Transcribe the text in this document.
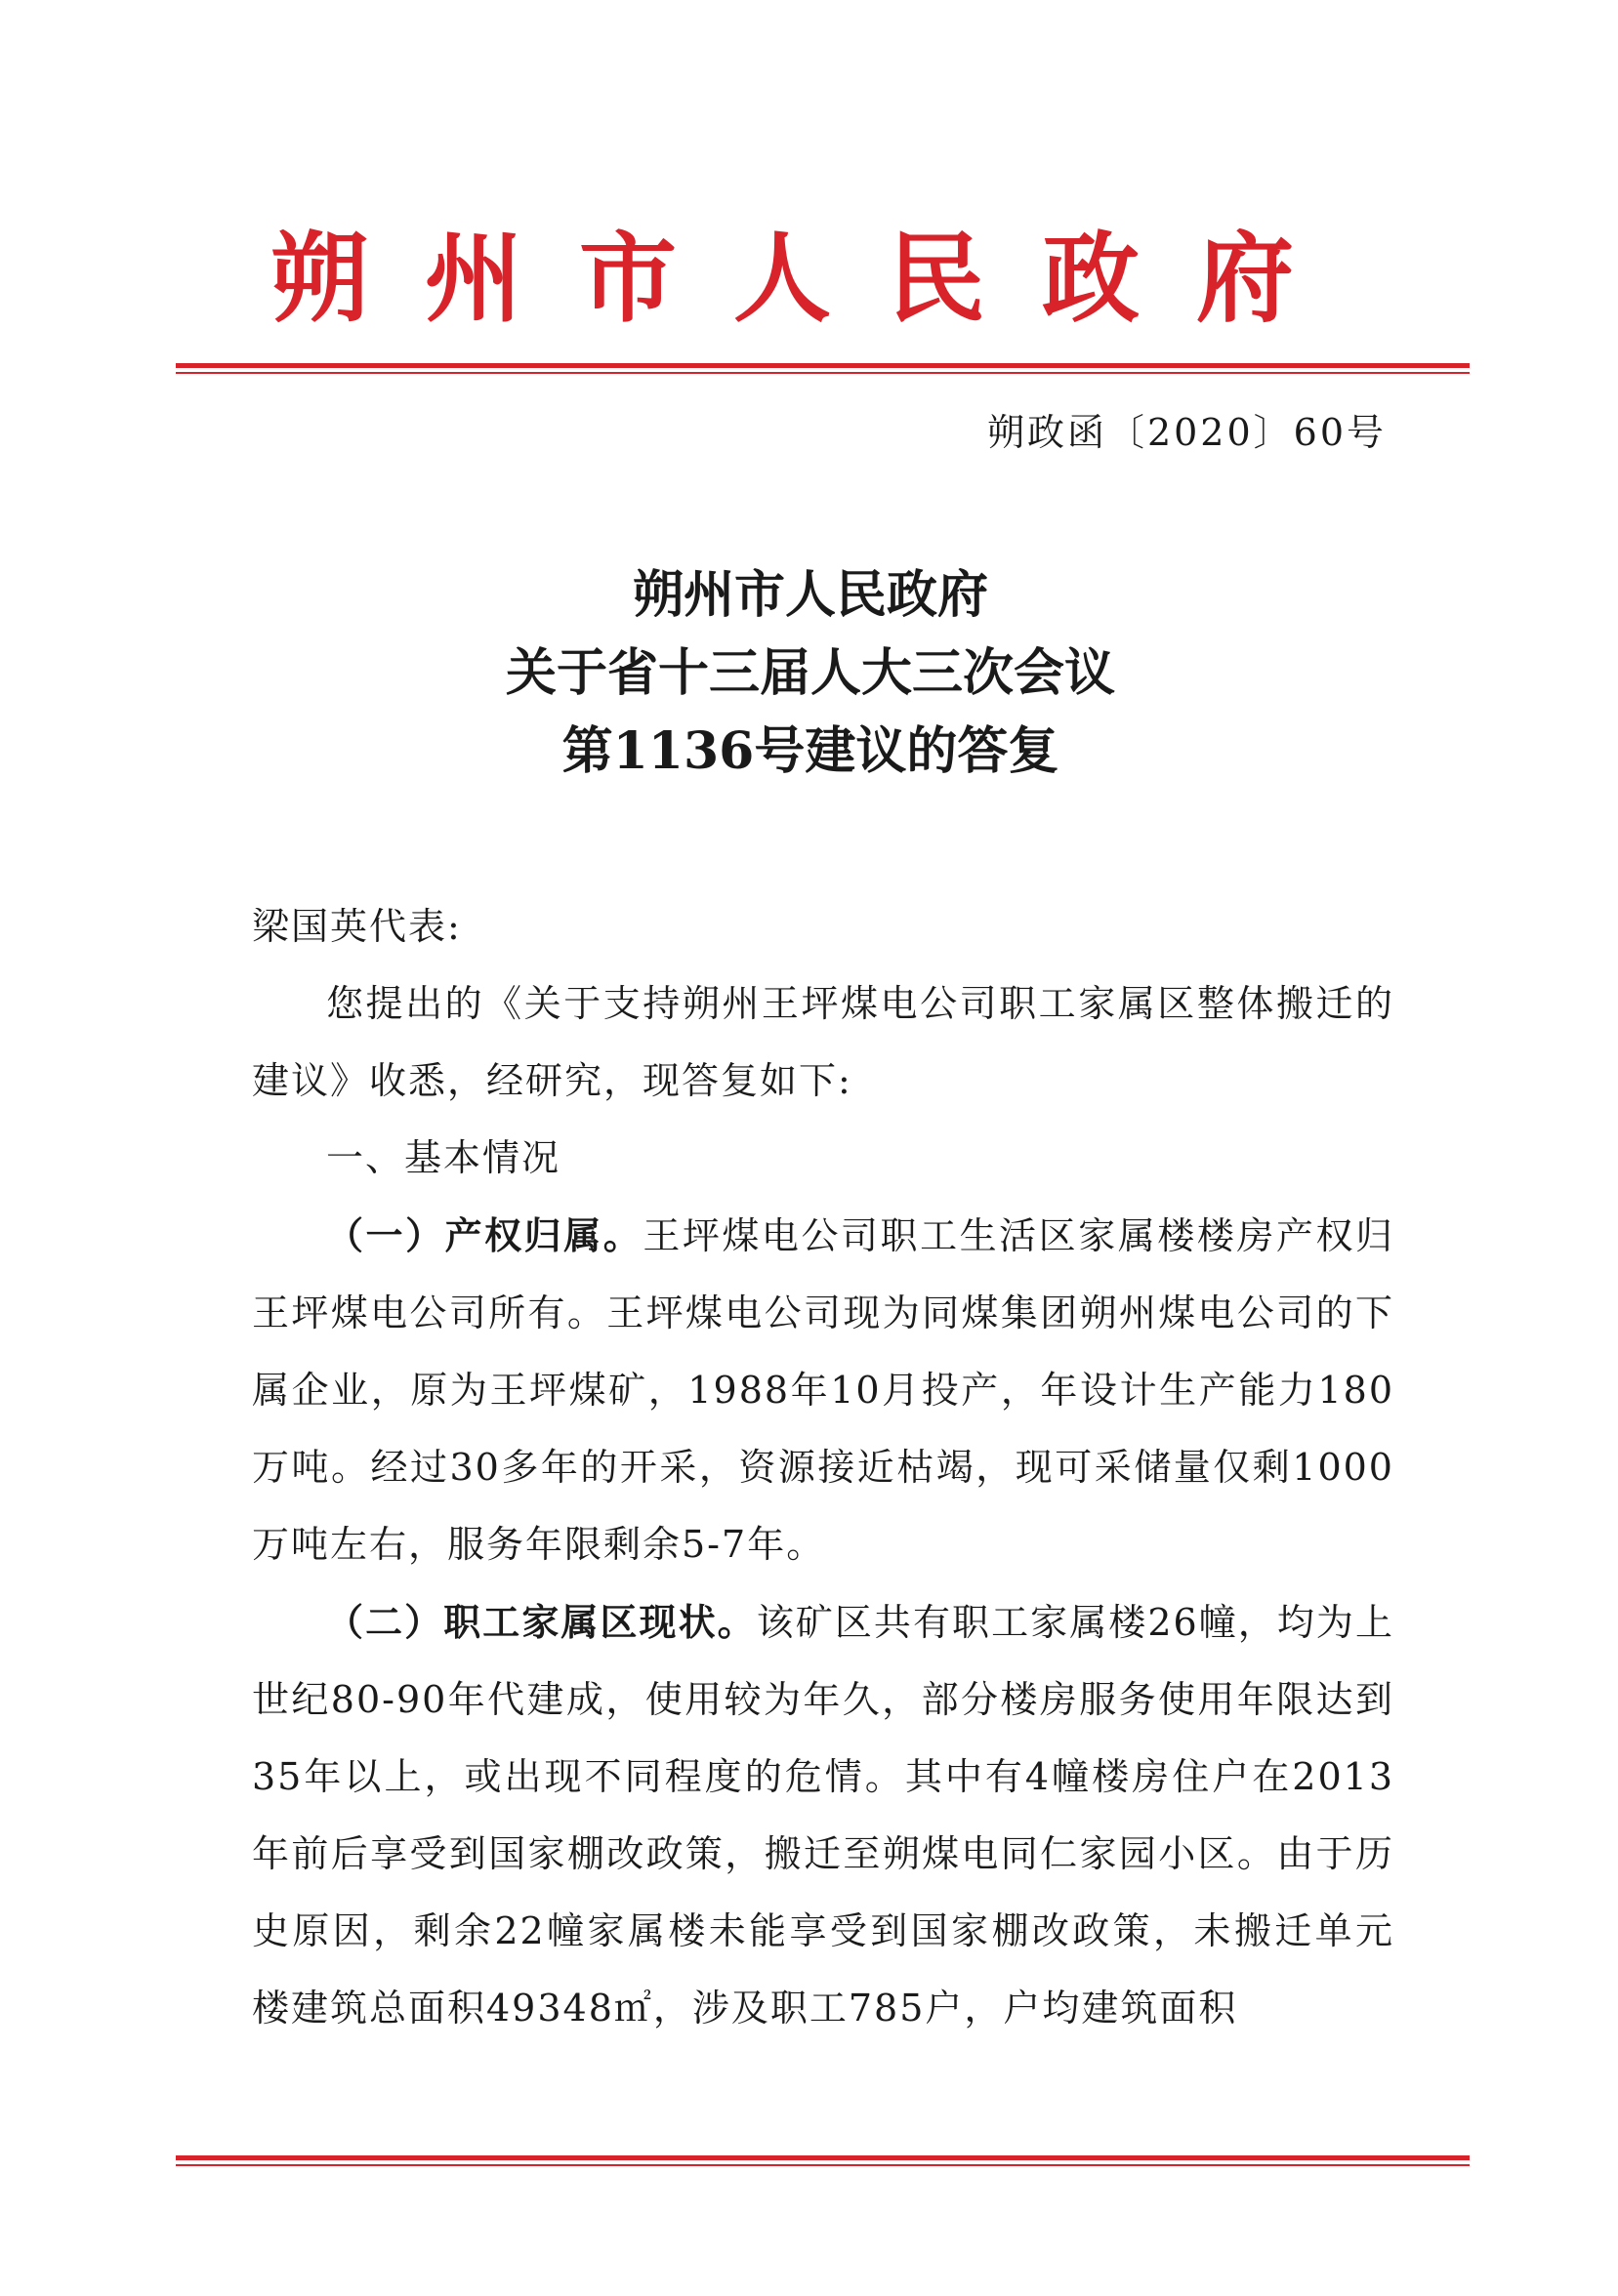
朔州市人民政府
朔政函〔2020〕60号
朔州市人民政府
关于省十三届人大三次会议
第1136号建议的答复
梁国英代表:

您提出的《关于支持朔州王坪煤电公司职工家属区整体搬迁的建议》收悉，经研究，现答复如下:

一、基本情况

（一）产权归属。王坪煤电公司职工生活区家属楼楼房产权归王坪煤电公司所有。王坪煤电公司现为同煤集团朔州煤电公司的下属企业，原为王坪煤矿，1988年10月投产，年设计生产能力180万吨。经过30多年的开采，资源接近枯竭，现可采储量仅剩1000万吨左右，服务年限剩余5-7年。

（二）职工家属区现状。该矿区共有职工家属楼26幢，均为上世纪80-90年代建成，使用较为年久，部分楼房服务使用年限达到35年以上，或出现不同程度的危情。其中有4幢楼房住户在2013年前后享受到国家棚改政策，搬迁至朔煤电同仁家园小区。由于历史原因，剩余22幢家属楼未能享受到国家棚改政策，未搬迁单元楼建筑总面积49348㎡，涉及职工785户，户均建筑面积
